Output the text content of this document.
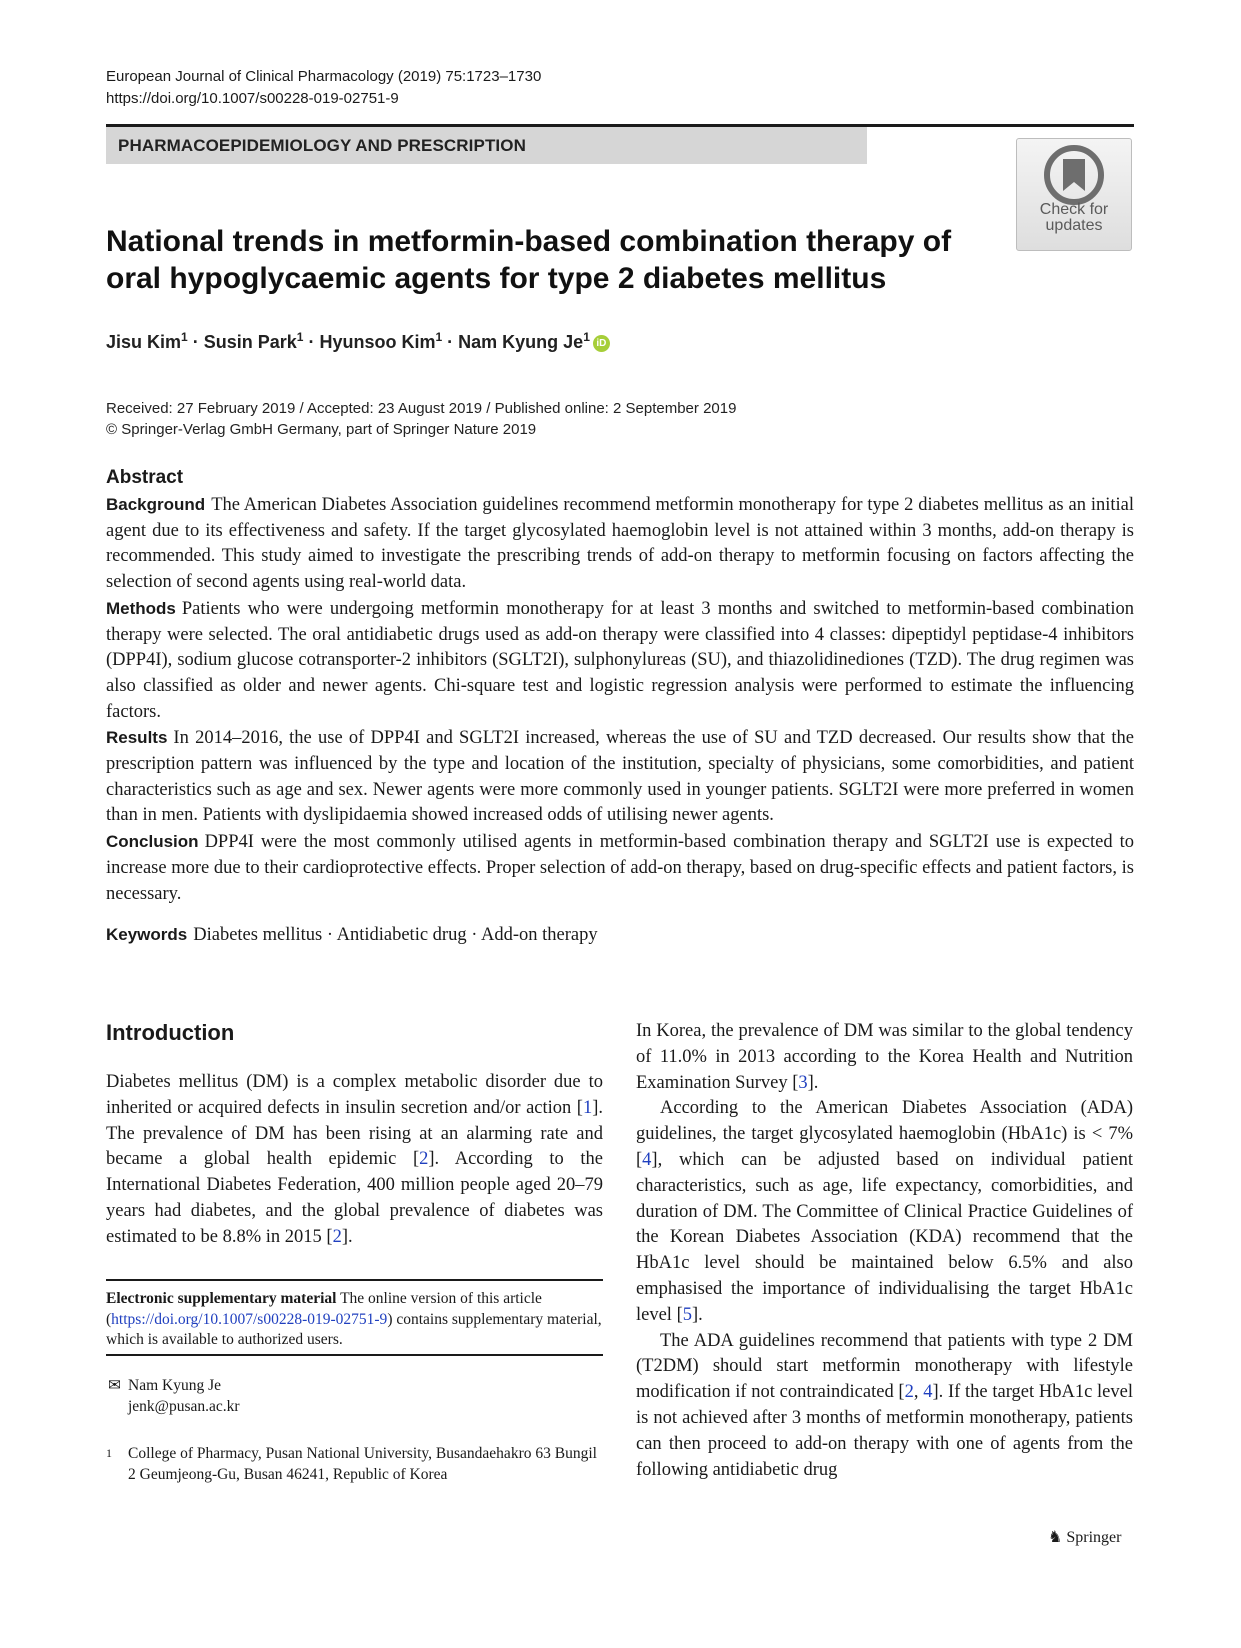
European Journal of Clinical Pharmacology (2019) 75:1723–1730
https://doi.org/10.1007/s00228-019-02751-9
PHARMACOEPIDEMIOLOGY AND PRESCRIPTION
Check for
updates
National trends in metformin-based combination therapy of oral hypoglycaemic agents for type 2 diabetes mellitus
Jisu Kim$^1$ · Susin Park$^1$ · Hyunsoo Kim$^1$ · Nam Kyung Je$^1$ iD
Received: 27 February 2019 / Accepted: 23 August 2019 / Published online: 2 September 2019
© Springer-Verlag GmbH Germany, part of Springer Nature 2019
Abstract

Background The American Diabetes Association guidelines recommend metformin monotherapy for type 2 diabetes mellitus as an initial agent due to its effectiveness and safety. If the target glycosylated haemoglobin level is not attained within 3 months, add-on therapy is recommended. This study aimed to investigate the prescribing trends of add-on therapy to metformin focusing on factors affecting the selection of second agents using real-world data.

Methods Patients who were undergoing metformin monotherapy for at least 3 months and switched to metformin-based combination therapy were selected. The oral antidiabetic drugs used as add-on therapy were classified into 4 classes: dipeptidyl peptidase-4 inhibitors (DPP4I), sodium glucose cotransporter-2 inhibitors (SGLT2I), sulphonylureas (SU), and thiazolidinediones (TZD). The drug regimen was also classified as older and newer agents. Chi-square test and logistic regression analysis were performed to estimate the influencing factors.

Results In 2014–2016, the use of DPP4I and SGLT2I increased, whereas the use of SU and TZD decreased. Our results show that the prescription pattern was influenced by the type and location of the institution, specialty of physicians, some comorbidities, and patient characteristics such as age and sex. Newer agents were more commonly used in younger patients. SGLT2I were more preferred in women than in men. Patients with dyslipidaemia showed increased odds of utilising newer agents.

Conclusion DPP4I were the most commonly utilised agents in metformin-based combination therapy and SGLT2I use is expected to increase more due to their cardioprotective effects. Proper selection of add-on therapy, based on drug-specific effects and patient factors, is necessary.

Keywords Diabetes mellitus · Antidiabetic drug · Add-on therapy
Introduction

Diabetes mellitus (DM) is a complex metabolic disorder due to inherited or acquired defects in insulin secretion and/or action [1]. The prevalence of DM has been rising at an alarming rate and became a global health epidemic [2]. According to the International Diabetes Federation, 400 million people aged 20–79 years had diabetes, and the global prevalence of diabetes was estimated to be 8.8% in 2015 [2].

In Korea, the prevalence of DM was similar to the global tendency of 11.0% in 2013 according to the Korea Health and Nutrition Examination Survey [3].

According to the American Diabetes Association (ADA) guidelines, the target glycosylated haemoglobin (HbA1c) is < 7% [4], which can be adjusted based on individual patient characteristics, such as age, life expectancy, comorbidities, and duration of DM. The Committee of Clinical Practice Guidelines of the Korean Diabetes Association (KDA) recommend that the HbA1c level should be maintained below 6.5% and also emphasised the importance of individualising the target HbA1c level [5].

The ADA guidelines recommend that patients with type 2 DM (T2DM) should start metformin monotherapy with lifestyle modification if not contraindicated [2, 4]. If the target HbA1c level is not achieved after 3 months of metformin monotherapy, patients can then proceed to add-on therapy with one of agents from the following antidiabetic drug

Electronic supplementary material The online version of this article (https://doi.org/10.1007/s00228-019-02751-9) contains supplementary material, which is available to authorized users.
✉ Nam Kyung Je
jenk@pusan.ac.kr
1 College of Pharmacy, Pusan National University, Busandaehakro 63 Bungil 2 Geumjeong-Gu, Busan 46241, Republic of Korea
♞ Springer
